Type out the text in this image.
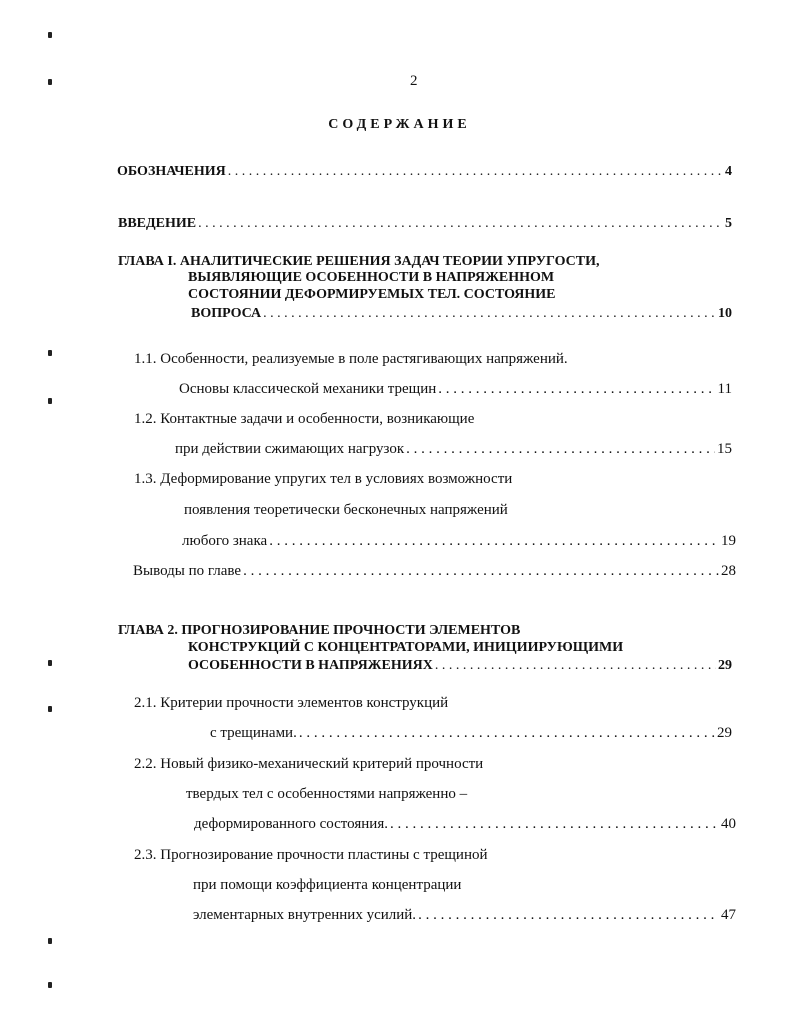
2
СОДЕРЖАНИЕ
ОБОЗНАЧЕНИЯ . . .	4
ВВЕДЕНИЕ . . .	5
ГЛАВА I. АНАЛИТИЧЕСКИЕ РЕШЕНИЯ ЗАДАЧ ТЕОРИИ УПРУГОСТИ,
ВЫЯВЛЯЮЩИЕ ОСОБЕННОСТИ В НАПРЯЖЕННОМ
СОСТОЯНИИ ДЕФОРМИРУЕМЫХ ТЕЛ. СОСТОЯНИЕ
ВОПРОСА . . .	10
1.1. Особенности, реализуемые в поле растягивающих напряжений.
Основы классической механики трещин . . .	11
1.2. Контактные задачи и особенности, возникающие
при действии сжимающих нагрузок . . .	15
1.3. Деформирование упругих тел в условиях возможности
появления теоретически бесконечных напряжений
любого знака . . .	19
Выводы по главе . . .	28
ГЛАВА 2. ПРОГНОЗИРОВАНИЕ ПРОЧНОСТИ ЭЛЕМЕНТОВ
КОНСТРУКЦИЙ С КОНЦЕНТРАТОРАМИ, ИНИЦИИРУЮЩИМИ
ОСОБЕННОСТИ В НАПРЯЖЕНИЯХ . . .	29
2.1. Критерии прочности элементов конструкций
с трещинами. . . .	29
2.2. Новый физико-механический критерий прочности
твердых тел с особенностями напряженно –
деформированного состояния. . . .	40
2.3. Прогнозирование прочности пластины с трещиной
при помощи коэффициента концентрации
элементарных внутренних усилий. . . .	47
